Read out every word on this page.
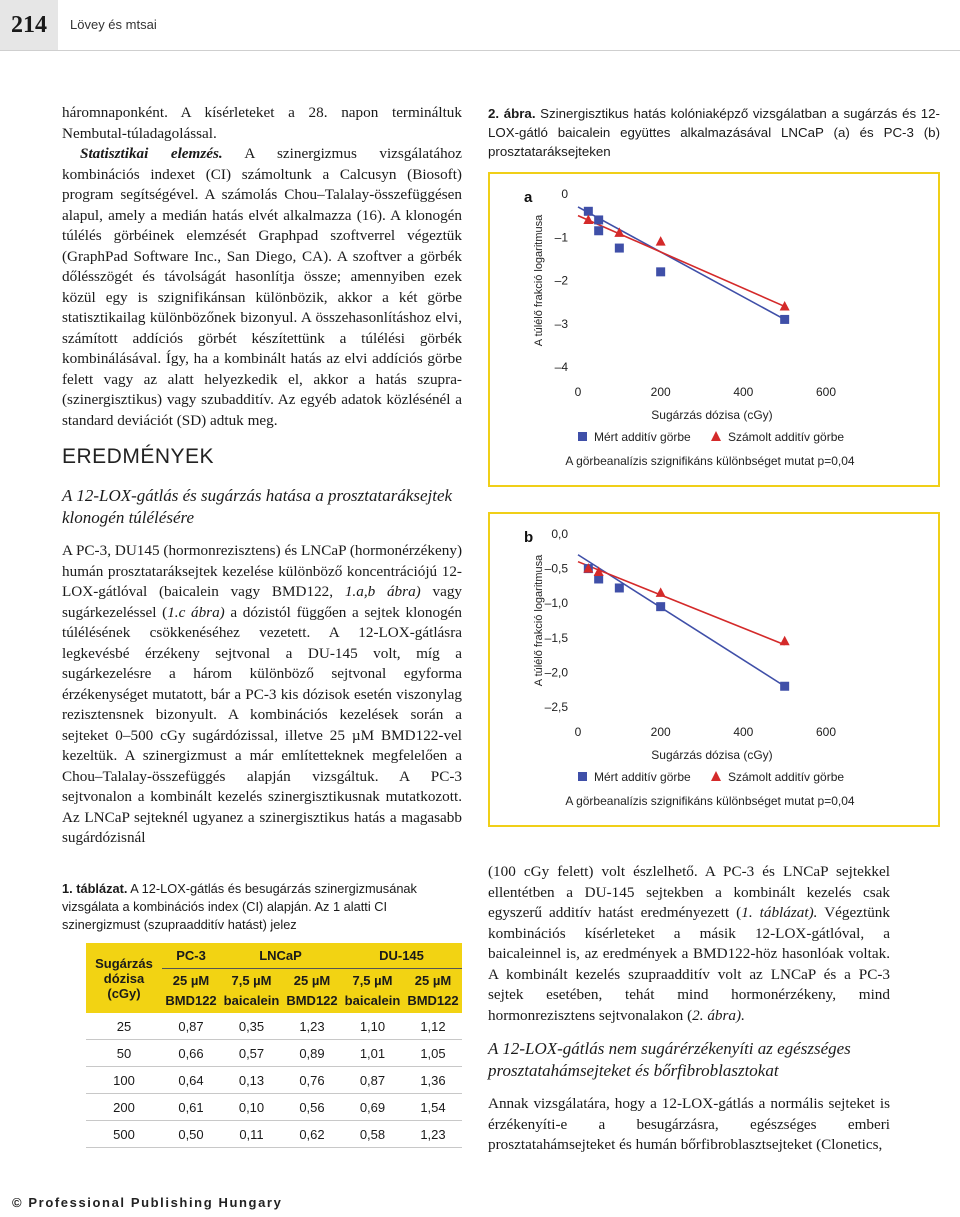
214	Lövey és mtsai

háromnaponként. A kísérleteket a 28. napon termináltuk Nembutal-túladagolással.

Statisztikai elemzés. A szinergizmus vizsgálatához kombinációs indexet (CI) számoltunk a Calcusyn (Biosoft) program segítségével. A számolás Chou–Talalay-összefüggésen alapul, amely a medián hatás elvét alkalmazza (16). A klonogén túlélés görbéinek elemzését Graphpad szoftverrel végeztük (GraphPad Software Inc., San Diego, CA). A szoftver a görbék dőlésszögét és távolságát hasonlítja össze; amennyiben ezek közül egy is szignifikánsan különbözik, akkor a két görbe statisztikailag különbözőnek bizonyul. A összehasonlításhoz elvi, számított addíciós görbét készítettünk a túlélési görbék kombinálásával. Így, ha a kombinált hatás az elvi addíciós görbe felett vagy az alatt helyezkedik el, akkor a hatás szupra- (szinergisztikus) vagy szubadditív. Az egyéb adatok közlésénél a standard deviációt (SD) adtuk meg.

EREDMÉNYEK
A 12-LOX-gátlás és sugárzás hatása a prosztataráksejtek klonogén túlélésére

A PC-3, DU145 (hormonrezisztens) és LNCaP (hormonérzékeny) humán prosztataráksejtek kezelése különböző koncentrációjú 12-LOX-gátlóval (baicalein vagy BMD122, 1.a,b ábra) vagy sugárkezeléssel (1.c ábra) a dózistól függően a sejtek klonogén túlélésének csökkenéséhez vezetett. A 12-LOX-gátlásra legkevésbé érzékeny sejtvonal a DU-145 volt, míg a sugárkezelésre a három különböző sejtvonal egyforma érzékenységet mutatott, bár a PC-3 kis dózisok esetén viszonylag rezisztensnek bizonyult. A kombinációs kezelések során a sejteket 0–500 cGy sugárdózissal, illetve 25 µM BMD122-vel kezeltük. A szinergizmust a már említetteknek megfelelően a Chou–Talalay-összefüggés alapján vizsgáltuk. A PC-3 sejtvonalon a kombinált kezelés szinergisztikusnak mutatkozott. Az LNCaP sejteknél ugyanez a szinergisztikus hatás a magasabb sugárdózisnál

2. ábra. Szinergisztikus hatás kolóniaképző vizsgálatban a sugárzás és 12-LOX-gátló baicalein együttes alkalmazásával LNCaP (a) és PC-3 (b) prosztataráksejteken
a 0
–1
–2
–3
–4
0	200	400	600
A túlélő frakció logaritmusa
Sugárzás dózisa (cGy)
Mért additív görbe	Számolt additív görbe
A görbeanalízis szignifikáns különbséget mutat p=0,04
b 0,0
–0,5
–1,0
–1,5
–2,0
–2,5
0	200	400	600
A túlélő frakció logaritmusa
Sugárzás dózisa (cGy)
Mért additív görbe	Számolt additív görbe
A görbeanalízis szignifikáns különbséget mutat p=0,04
1. táblázat. A 12-LOX-gátlás és besugárzás szinergizmusának vizsgálata a kombinációs index (CI) alapján. Az 1 alatti CI szinergizmust (szupraadditív hatást) jelez
Sugárzás dózisa (cGy)	PC-3	LNCaP		DU-145	
	25 µM BMD122	7,5 µM baicalein	25 µM BMD122	7,5 µM baicalein	25 µM BMD122
25	0,87	0,35	1,23	1,10	1,12
50	0,66	0,57	0,89	1,01	1,05
100	0,64	0,13	0,76	0,87	1,36
200	0,61	0,10	0,56	0,69	1,54
500	0,50	0,11	0,62	0,58	1,23

(100 cGy felett) volt észlelhető. A PC-3 és LNCaP sejtekkel ellentétben a DU-145 sejtekben a kombinált kezelés csak egyszerű additív hatást eredményezett (1. táblázat). Végeztünk kombinációs kísérleteket a másik 12-LOX-gátlóval, a baicaleinnel is, az eredmények a BMD122-höz hasonlóak voltak. A kombinált kezelés szupraadditív volt az LNCaP és a PC-3 sejtek esetében, tehát mind hormonérzékeny, mind hormonrezisztens sejtvonalakon (2. ábra).

A 12-LOX-gátlás nem sugárérzékenyíti az egészséges prosztatahámsejteket és bőrfibroblasztokat

Annak vizsgálatára, hogy a 12-LOX-gátlás a normális sejteket is érzékenyíti-e a besugárzásra, egészséges emberi prosztatahámsejteket és humán bőrfibroblasztsejteket (Clonetics,

© Professional Publishing Hungary
